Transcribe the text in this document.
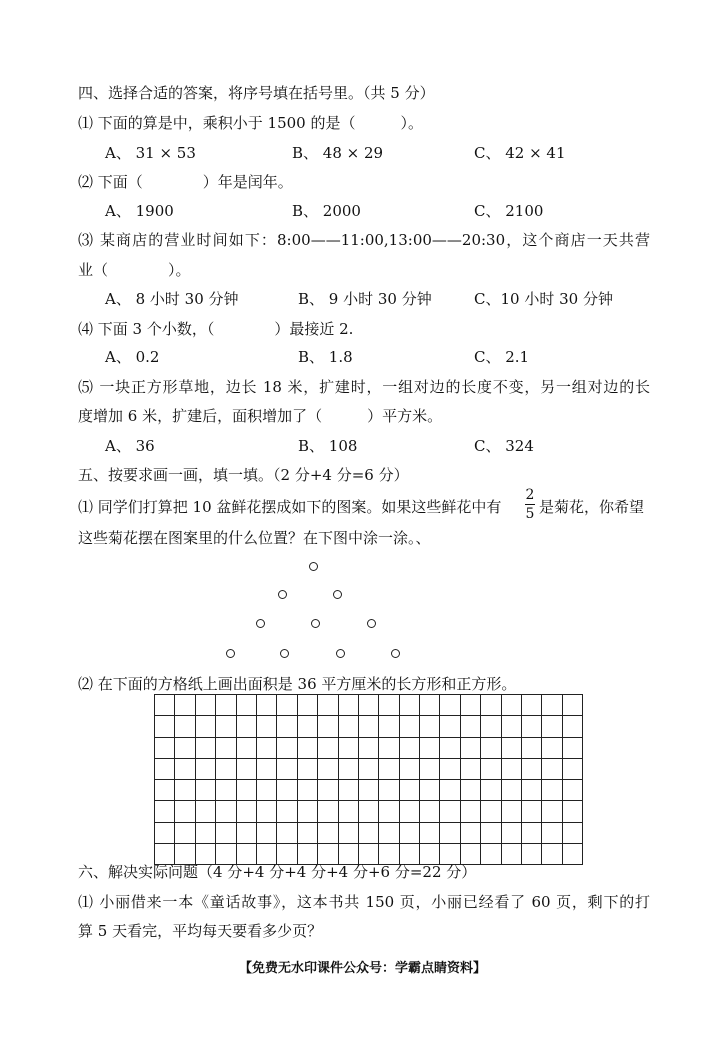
四、选择合适的答案，将序号填在括号里。（共 5 分）
⑴ 下面的算是中，乘积小于 1500 的是（　　　）。
A、 31 × 53	B、 48 × 29	C、 42 × 41
⑵ 下面（　　　　）年是闰年。
A、 1900	B、 2000	C、 2100
⑶ 某商店的营业时间如下：8:00——11:00,13:00——20:30，这个商店一天共营
业（　　　　）。
A、 8 小时 30 分钟	B、 9 小时 30 分钟	C、10 小时 30 分钟
⑷ 下面 3 个小数，（　　　　）最接近 2.
A、 0.2	B、 1.8	C、 2.1
⑸ 一块正方形草地，边长 18 米，扩建时，一组对边的长度不变，另一组对边的长
度增加 6 米，扩建后，面积增加了（　　　）平方米。
A、 36	B、 108	C、 324
五、按要求画一画，填一填。（2 分+4 分=6 分）
⑴ 同学们打算把 10 盆鲜花摆成如下的图案。如果这些鲜花中有
2
5 是菊花，你希望
这些菊花摆在图案里的什么位置？在下图中涂一涂。、
⑵ 在下面的方格纸上画出面积是 36 平方厘米的长方形和正方形。

六、解决实际问题（4 分+4 分+4 分+4 分+6 分=22 分）
⑴ 小丽借来一本《童话故事》，这本书共 150 页，小丽已经看了 60 页，剩下的打
算 5 天看完，平均每天要看多少页？
【免费无水印课件公众号：学霸点睛资料】
